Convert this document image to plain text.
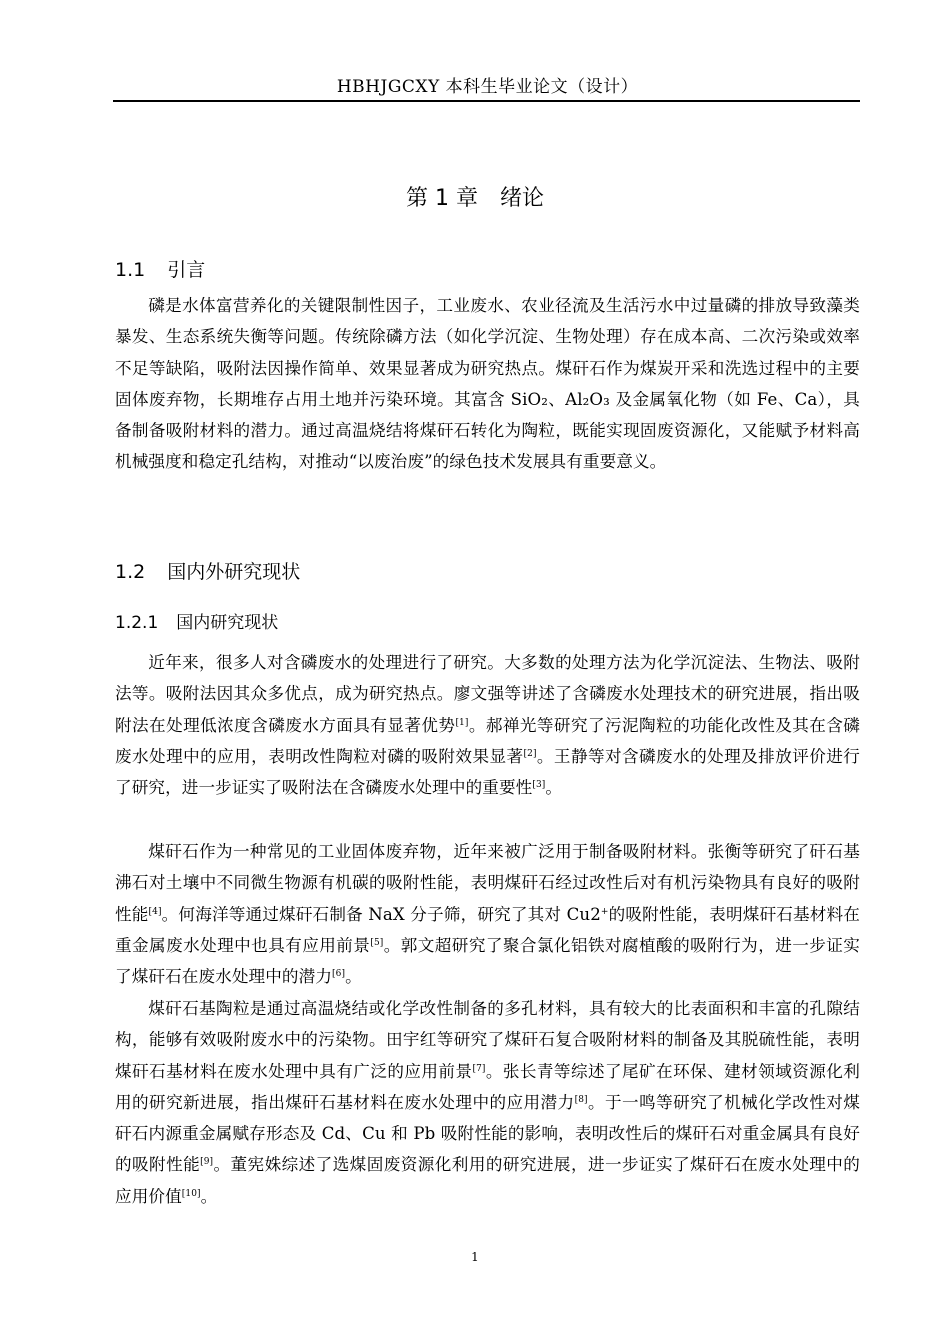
HBHJGCXY 本科生毕业论文（设计）
第 1 章　绪论
1.1 引言

磷是水体富营养化的关键限制性因子，工业废水、农业径流及生活污水中过量磷的排放导致藻类暴发、生态系统失衡等问题。传统除磷方法（如化学沉淀、生物处理）存在成本高、二次污染或效率不足等缺陷，吸附法因操作简单、效果显著成为研究热点。煤矸石作为煤炭开采和洗选过程中的主要固体废弃物，长期堆存占用土地并污染环境。其富含 SiO₂、Al₂O₃ 及金属氧化物（如 Fe、Ca），具备制备吸附材料的潜力。通过高温烧结将煤矸石转化为陶粒，既能实现固废资源化，又能赋予材料高机械强度和稳定孔结构，对推动“以废治废”的绿色技术发展具有重要意义。

1.2 国内外研究现状
1.2.1 国内研究现状

近年来，很多人对含磷废水的处理进行了研究。大多数的处理方法为化学沉淀法、生物法、吸附法等。吸附法因其众多优点，成为研究热点。廖文强等讲述了含磷废水处理技术的研究进展，指出吸附法在处理低浓度含磷废水方面具有显著优势[1]。郝禅光等研究了污泥陶粒的功能化改性及其在含磷废水处理中的应用，表明改性陶粒对磷的吸附效果显著[2]。王静等对含磷废水的处理及排放评价进行了研究，进一步证实了吸附法在含磷废水处理中的重要性[3]。

煤矸石作为一种常见的工业固体废弃物，近年来被广泛用于制备吸附材料。张衡等研究了矸石基沸石对土壤中不同微生物源有机碳的吸附性能，表明煤矸石经过改性后对有机污染物具有良好的吸附性能[4]。何海洋等通过煤矸石制备 NaX 分子筛，研究了其对 Cu2+的吸附性能，表明煤矸石基材料在重金属废水处理中也具有应用前景[5]。郭文超研究了聚合氯化铝铁对腐植酸的吸附行为，进一步证实了煤矸石在废水处理中的潜力[6]。

煤矸石基陶粒是通过高温烧结或化学改性制备的多孔材料，具有较大的比表面积和丰富的孔隙结构，能够有效吸附废水中的污染物。田宇红等研究了煤矸石复合吸附材料的制备及其脱硫性能，表明煤矸石基材料在废水处理中具有广泛的应用前景[7]。张长青等综述了尾矿在环保、建材领域资源化利用的研究新进展，指出煤矸石基材料在废水处理中的应用潜力[8]。于一鸣等研究了机械化学改性对煤矸石内源重金属赋存形态及 Cd、Cu 和 Pb 吸附性能的影响，表明改性后的煤矸石对重金属具有良好的吸附性能[9]。董宪姝综述了选煤固废资源化利用的研究进展，进一步证实了煤矸石在废水处理中的应用价值[10]。

1
